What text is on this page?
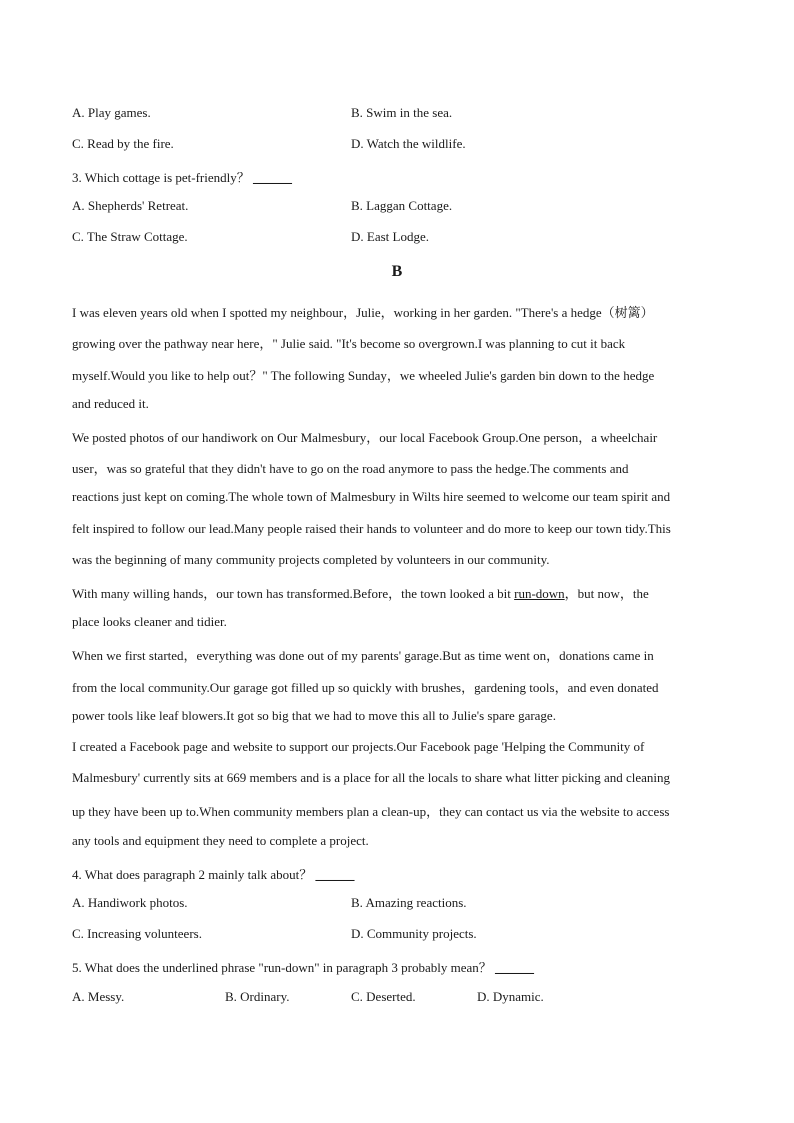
A. Play games.	B. Swim in the sea.
C. Read by the fire.	D. Watch the wildlife.
3. Which cottage is pet-friendly？ ______
A. Shepherds' Retreat.	B. Laggan Cottage.
C. The Straw Cottage.	D. East Lodge.
B
I was eleven years old when I spotted my neighbour，Julie，working in her garden. "There's a hedge（树篱）
growing over the pathway near here，" Julie said. "It's become so overgrown.I was planning to cut it back
myself.Would you like to help out？" The following Sunday，we wheeled Julie's garden bin down to the hedge
and reduced it.
We posted photos of our handiwork on Our Malmesbury，our local Facebook Group.One person，a wheelchair
user，was so grateful that they didn't have to go on the road anymore to pass the hedge.The comments and
reactions just kept on coming.The whole town of Malmesbury in Wilts hire seemed to welcome our team spirit and
felt inspired to follow our lead.Many people raised their hands to volunteer and do more to keep our town tidy.This
was the beginning of many community projects completed by volunteers in our community.
With many willing hands，our town has transformed.Before，the town looked a bit run-down，but now，the
place looks cleaner and tidier.
When we first started，everything was done out of my parents' garage.But as time went on，donations came in
from the local community.Our garage got filled up so quickly with brushes，gardening tools，and even donated
power tools like leaf blowers.It got so big that we had to move this all to Julie's spare garage.
I created a Facebook page and website to support our projects.Our Facebook page 'Helping the Community of
Malmesbury' currently sits at 669 members and is a place for all the locals to share what litter picking and cleaning
up they have been up to.When community members plan a clean-up，they can contact us via the website to access
any tools and equipment they need to complete a project.
4. What does paragraph 2 mainly talk about？ ______
A. Handiwork photos.	B. Amazing reactions.
C. Increasing volunteers.	D. Community projects.
5. What does the underlined phrase "run-down" in paragraph 3 probably mean？ ______
A. Messy.	B. Ordinary.	C. Deserted.	D. Dynamic.
